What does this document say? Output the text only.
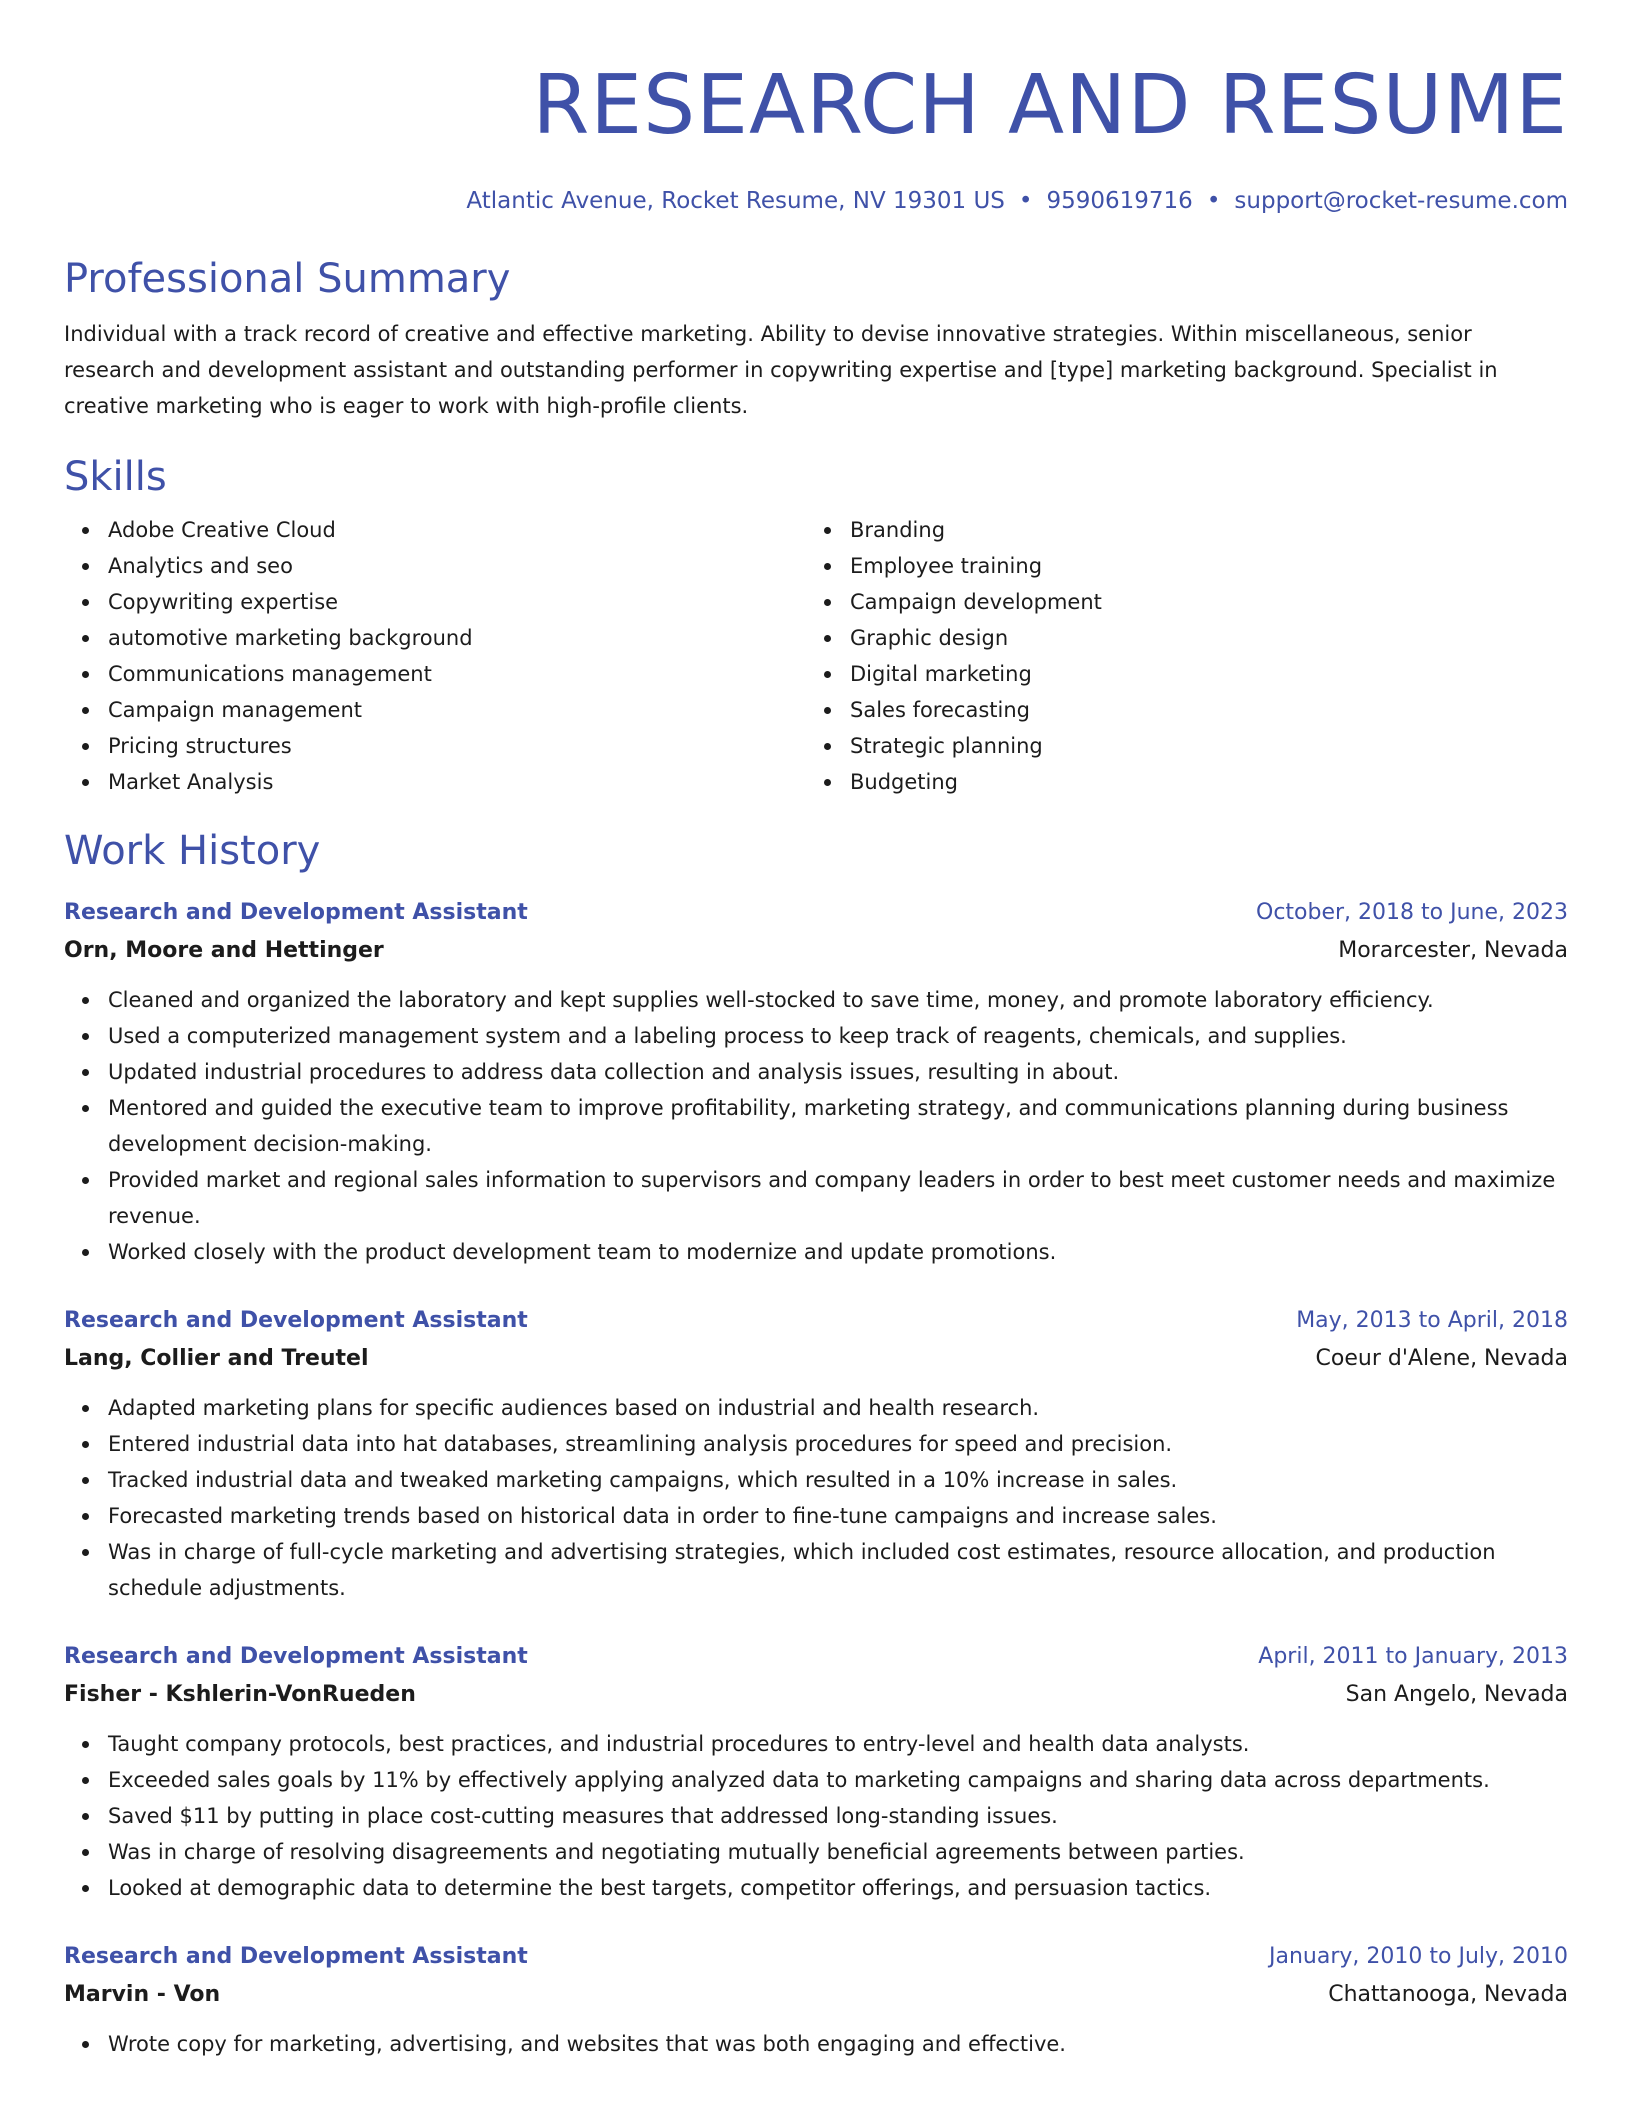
RESEARCH AND RESUME
Atlantic Avenue, Rocket Resume, NV 19301 US • 9590619716 • support@rocket-resume.com
Professional Summary
Individual with a track record of creative and effective marketing. Ability to devise innovative strategies. Within miscellaneous, senior research and development assistant and outstanding performer in copywriting expertise and [type] marketing background. Specialist in creative marketing who is eager to work with high-profile clients.
Skills
Adobe Creative Cloud
Analytics and seo
Copywriting expertise
automotive marketing background
Communications management
Campaign management
Pricing structures
Market Analysis
Branding
Employee training
Campaign development
Graphic design
Digital marketing
Sales forecasting
Strategic planning
Budgeting
Work History
Research and Development Assistant	October, 2018 to June, 2023
Orn, Moore and Hettinger	Morarcester, Nevada
Cleaned and organized the laboratory and kept supplies well-stocked to save time, money, and promote laboratory efficiency.
Used a computerized management system and a labeling process to keep track of reagents, chemicals, and supplies.
Updated industrial procedures to address data collection and analysis issues, resulting in about.
Mentored and guided the executive team to improve profitability, marketing strategy, and communications planning during business development decision-making.
Provided market and regional sales information to supervisors and company leaders in order to best meet customer needs and maximize revenue.
Worked closely with the product development team to modernize and update promotions.
Research and Development Assistant	May, 2013 to April, 2018
Lang, Collier and Treutel	Coeur d'Alene, Nevada
Adapted marketing plans for specific audiences based on industrial and health research.
Entered industrial data into hat databases, streamlining analysis procedures for speed and precision.
Tracked industrial data and tweaked marketing campaigns, which resulted in a 10% increase in sales.
Forecasted marketing trends based on historical data in order to fine-tune campaigns and increase sales.
Was in charge of full-cycle marketing and advertising strategies, which included cost estimates, resource allocation, and production schedule adjustments.
Research and Development Assistant	April, 2011 to January, 2013
Fisher - Kshlerin-VonRueden	San Angelo, Nevada
Taught company protocols, best practices, and industrial procedures to entry-level and health data analysts.
Exceeded sales goals by 11% by effectively applying analyzed data to marketing campaigns and sharing data across departments.
Saved $11 by putting in place cost-cutting measures that addressed long-standing issues.
Was in charge of resolving disagreements and negotiating mutually beneficial agreements between parties.
Looked at demographic data to determine the best targets, competitor offerings, and persuasion tactics.
Research and Development Assistant	January, 2010 to July, 2010
Marvin - Von	Chattanooga, Nevada
Wrote copy for marketing, advertising, and websites that was both engaging and effective.
